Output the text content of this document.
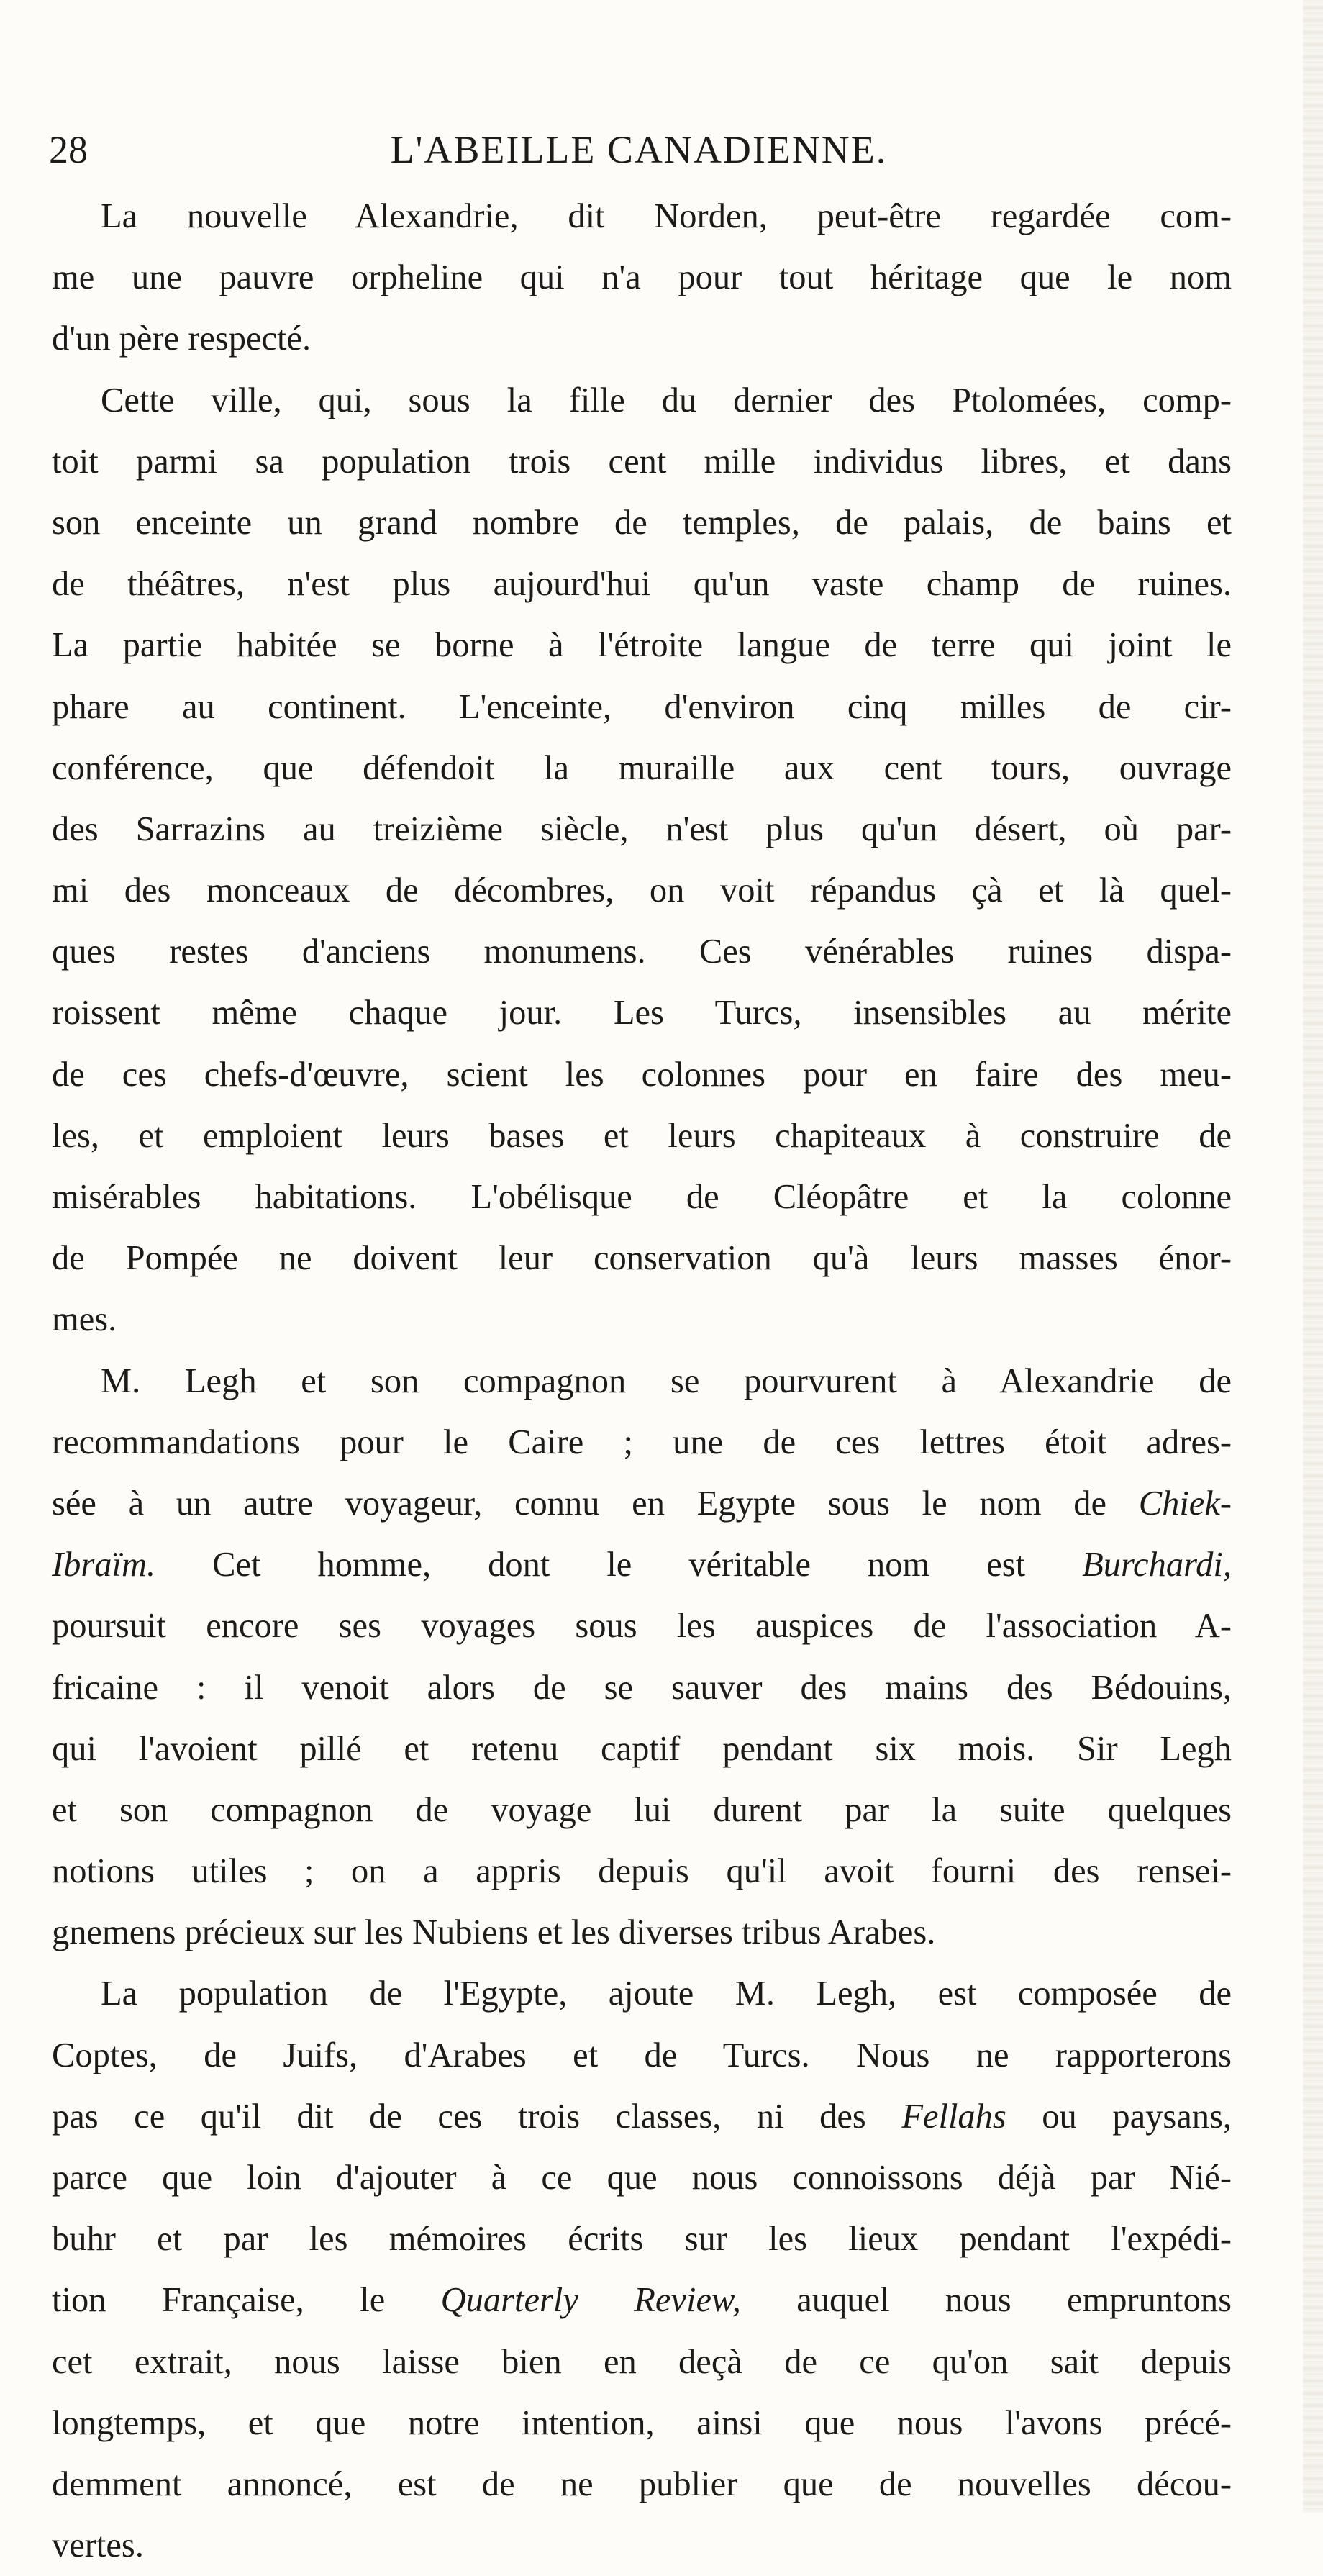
28	L'ABEILLE CANADIENNE.
La nouvelle Alexandrie, dit Norden, peut-être regardée com-
me une pauvre orpheline qui n'a pour tout héritage que le nom
d'un père respecté.
Cette ville, qui, sous la fille du dernier des Ptolomées, comp-
toit parmi sa population trois cent mille individus libres, et dans
son enceinte un grand nombre de temples, de palais, de bains et
de théâtres, n'est plus aujourd'hui qu'un vaste champ de ruines.
La partie habitée se borne à l'étroite langue de terre qui joint le
phare au continent. L'enceinte, d'environ cinq milles de cir-
conférence, que défendoit la muraille aux cent tours, ouvrage
des Sarrazins au treizième siècle, n'est plus qu'un désert, où par-
mi des monceaux de décombres, on voit répandus çà et là quel-
ques restes d'anciens monumens. Ces vénérables ruines dispa-
roissent même chaque jour. Les Turcs, insensibles au mérite
de ces chefs-d'œuvre, scient les colonnes pour en faire des meu-
les, et emploient leurs bases et leurs chapiteaux à construire de
misérables habitations. L'obélisque de Cléopâtre et la colonne
de Pompée ne doivent leur conservation qu'à leurs masses énor-
mes.
M. Legh et son compagnon se pourvurent à Alexandrie de
recommandations pour le Caire ; une de ces lettres étoit adres-
sée à un autre voyageur, connu en Egypte sous le nom de Chiek-
Ibraïm. Cet homme, dont le véritable nom est Burchardi,
poursuit encore ses voyages sous les auspices de l'association A-
fricaine : il venoit alors de se sauver des mains des Bédouins,
qui l'avoient pillé et retenu captif pendant six mois. Sir Legh
et son compagnon de voyage lui durent par la suite quelques
notions utiles ; on a appris depuis qu'il avoit fourni des rensei-
gnemens précieux sur les Nubiens et les diverses tribus Arabes.
La population de l'Egypte, ajoute M. Legh, est composée de
Coptes, de Juifs, d'Arabes et de Turcs. Nous ne rapporterons
pas ce qu'il dit de ces trois classes, ni des Fellahs ou paysans,
parce que loin d'ajouter à ce que nous connoissons déjà par Nié-
buhr et par les mémoires écrits sur les lieux pendant l'expédi-
tion Française, le Quarterly Review, auquel nous empruntons
cet extrait, nous laisse bien en deçà de ce qu'on sait depuis
longtemps, et que notre intention, ainsi que nous l'avons précé-
demment annoncé, est de ne publier que de nouvelles décou-
vertes.
